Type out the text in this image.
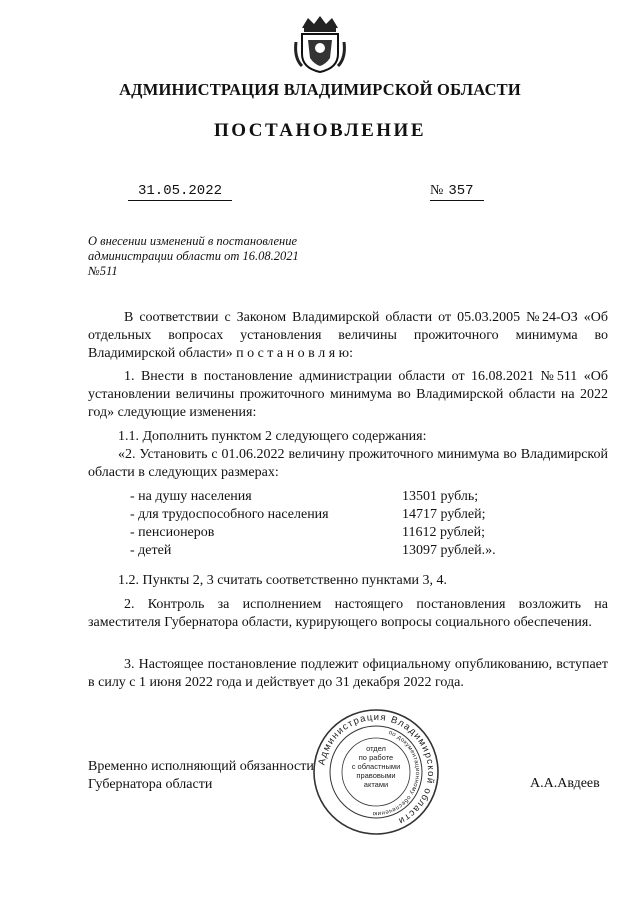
АДМИНИСТРАЦИЯ ВЛАДИМИРСКОЙ ОБЛАСТИ
ПОСТАНОВЛЕНИЕ
31.05.2022	№ 357
О внесении изменений в постановление
администрации области от 16.08.2021
№511
В соответствии с Законом Владимирской области от 05.03.2005 №24-ОЗ «Об отдельных вопросах установления величины прожиточного минимума во Владимирской области» п о с т а н о в л я ю:
1. Внести в постановление администрации области от 16.08.2021 №511 «Об установлении величины прожиточного минимума во Владимирской области на 2022 год» следующие изменения:
1.1. Дополнить пунктом 2 следующего содержания:
«2. Установить с 01.06.2022 величину прожиточного минимума во Владимирской области в следующих размерах:
- на душу населения	13501 рубль;
- для трудоспособного населения	14717 рублей;
- пенсионеров	11612 рублей;
- детей	13097 рублей.».
1.2. Пункты 2, 3 считать соответственно пунктами 3, 4.
2. Контроль за исполнением настоящего постановления возложить на заместителя Губернатора области, курирующего вопросы социального обеспечения.
3. Настоящее постановление подлежит официальному опубликованию, вступает в силу с 1 июня 2022 года и действует до 31 декабря 2022 года.
Временно исполняющий обязанности
Губернатора области	А.А.Авдеев
Администрация Владимирской области
по документационному обеспечению
отдел
по работе
с областными
правовыми
актами
